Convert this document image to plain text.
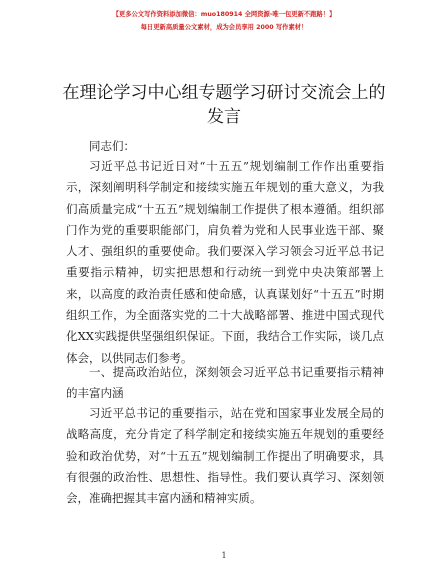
【更多公文写作资料添加微信：muo180914 全网资源-唯一包更新不跑路！】
每日更新高质量公文素材，成为会员享用 2000 写作素材！
在理论学习中心组专题学习研讨交流会上的发言

同志们：

习近平总书记近日对“十五五”规划编制工作作出重要指示，深刻阐明科学制定和接续实施五年规划的重大意义，为我们高质量完成“十五五”规划编制工作提供了根本遵循。组织部门作为党的重要职能部门，肩负着为党和人民事业选干部、聚人才、强组织的重要使命。我们要深入学习领会习近平总书记重要指示精神，切实把思想和行动统一到党中央决策部署上来，以高度的政治责任感和使命感，认真谋划好“十五五”时期组织工作，为全面落实党的二十大战略部署、推进中国式现代化XX实践提供坚强组织保证。下面，我结合工作实际，谈几点体会，以供同志们参考。

一、提高政治站位，深刻领会习近平总书记重要指示精神的丰富内涵

习近平总书记的重要指示，站在党和国家事业发展全局的战略高度，充分肯定了科学制定和接续实施五年规划的重要经验和政治优势，对“十五五”规划编制工作提出了明确要求，具有很强的政治性、思想性、指导性。我们要认真学习、深刻领会，准确把握其丰富内涵和精神实质。

1
